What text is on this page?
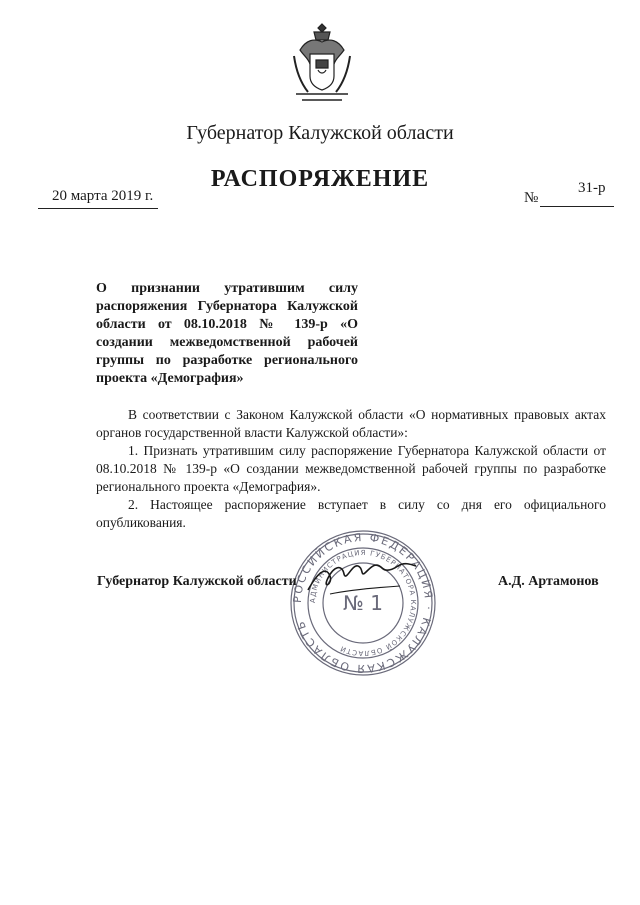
Губернатор Калужской области
РАСПОРЯЖЕНИЕ
20 марта 2019 г.	№
31-р
О признании утратившим силу распоряжения Губернатора Калужской области от 08.10.2018 № 139-р «О создании межведомственной рабочей группы по разработке регионального проекта «Демография»

В соответствии с Законом Калужской области «О нормативных правовых актах органов государственной власти Калужской области»:

1. Признать утратившим силу распоряжение Губернатора Калужской области от 08.10.2018 № 139-р «О создании межведомственной рабочей группы по разработке регионального проекта «Демография».

2. Настоящее распоряжение вступает в силу со дня его официального опубликования.

РОССИЙСКАЯ ФЕДЕРАЦИЯ · КАЛУЖСКАЯ ОБЛАСТЬ
АДМИНИСТРАЦИЯ ГУБЕРНАТОРА КАЛУЖСКОЙ ОБЛАСТИ
№ 1
Губернатор Калужской области	А.Д. Артамонов
